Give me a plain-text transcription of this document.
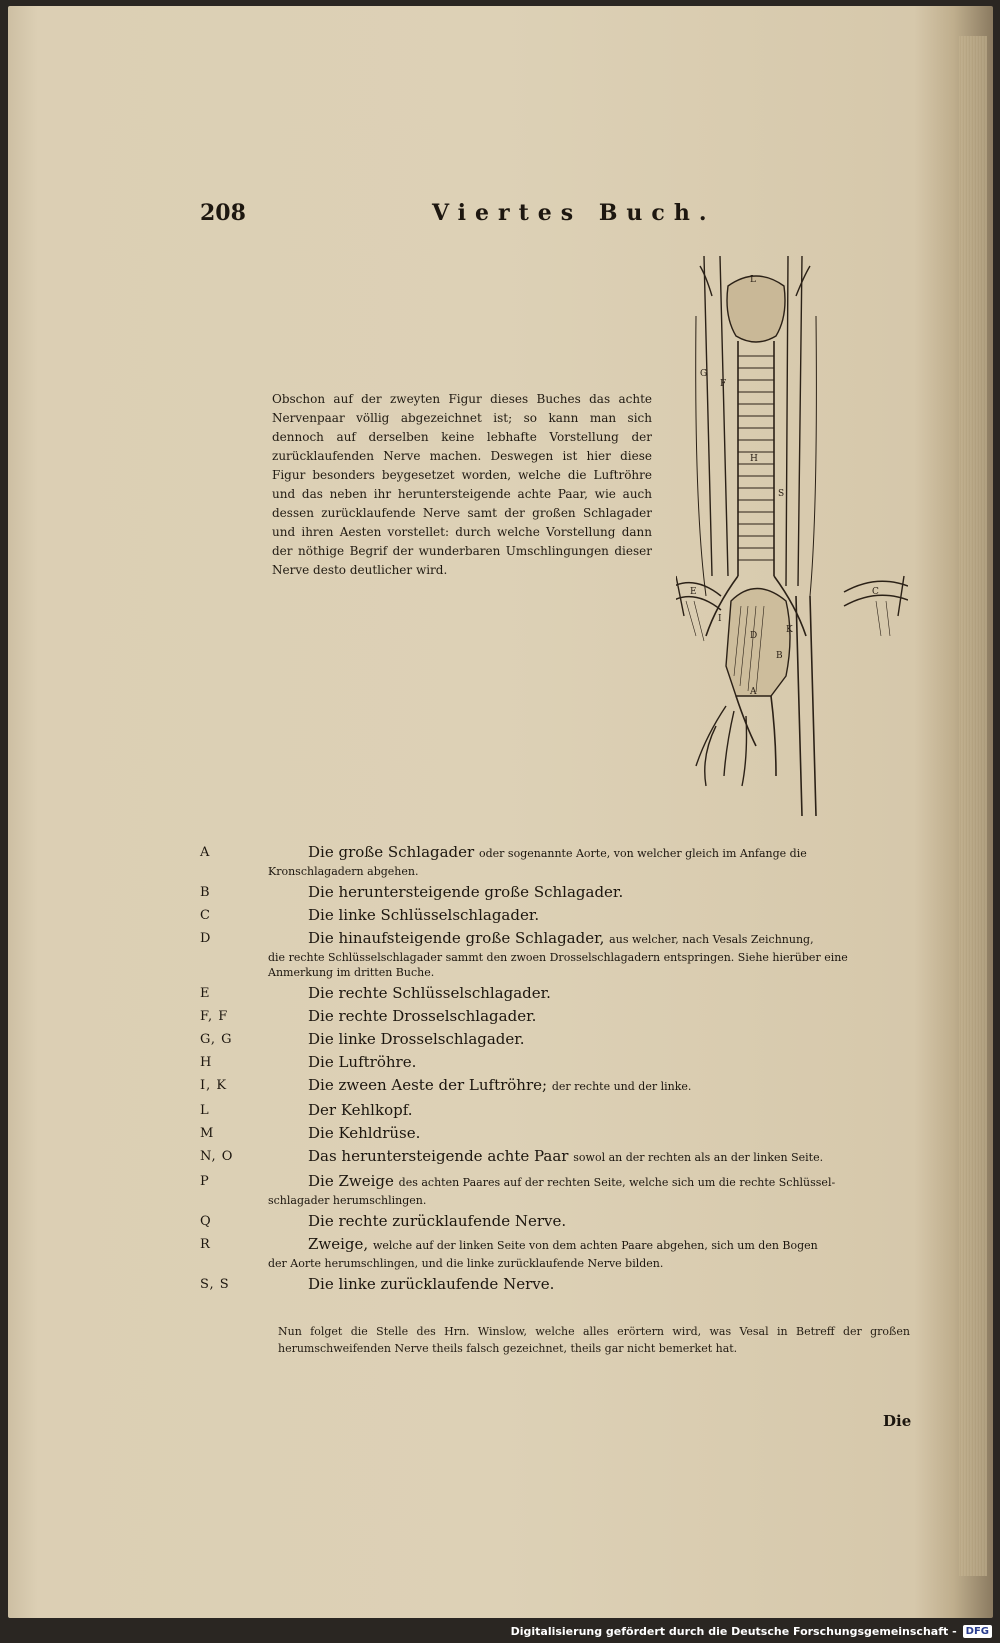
208	Viertes Buch.
Obschon auf der zweyten Figur dieses Buches das achte Nervenpaar völlig abgezeichnet ist; so kann man sich dennoch auf derselben keine lebhafte Vorstellung der zurücklaufenden Nerve machen. Deswegen ist hier diese Figur besonders beygesetzet worden, welche die Luftröhre und das neben ihr heruntersteigende achte Paar, wie auch dessen zurücklaufende Nerve samt der großen Schlagader und ihren Aesten vorstellet: durch welche Vorstellung dann der nöthige Begrif der wunderbaren Umschlingungen dieser Nerve desto deutlicher wird.
L
H
G
F
S
I
D
B
A
K
E	C
A	Die große Schlagader oder sogenannte Aorte, von welcher gleich im Anfange die
Kronschlagadern abgehen.
B	Die heruntersteigende große Schlagader.
C	Die linke Schlüsselschlagader.
D	Die hinaufsteigende große Schlagader, aus welcher, nach Vesals Zeichnung,
die rechte Schlüsselschlagader sammt den zwoen Drosselschlagadern entspringen. Siehe hierüber eine Anmerkung im dritten Buche.
E	Die rechte Schlüsselschlagader.
F, F	Die rechte Drosselschlagader.
G, G	Die linke Drosselschlagader.
H	Die Luftröhre.
I, K	Die zween Aeste der Luftröhre; der rechte und der linke.
L	Der Kehlkopf.
M	Die Kehldrüse.
N, O	Das heruntersteigende achte Paar sowol an der rechten als an der linken Seite.
P	Die Zweige des achten Paares auf der rechten Seite, welche sich um die rechte Schlüssel-
schlagader herumschlingen.
Q	Die rechte zurücklaufende Nerve.
R	Zweige, welche auf der linken Seite von dem achten Paare abgehen, sich um den Bogen
der Aorte herumschlingen, und die linke zurücklaufende Nerve bilden.
S, S	Die linke zurücklaufende Nerve.
Nun folget die Stelle des Hrn. Winslow, welche alles erörtern wird, was Vesal in Betreff der großen herumschweifenden Nerve theils falsch gezeichnet, theils gar nicht bemerket hat.
Die
Digitalisierung gefördert durch die Deutsche Forschungsgemeinschaft - DFG
